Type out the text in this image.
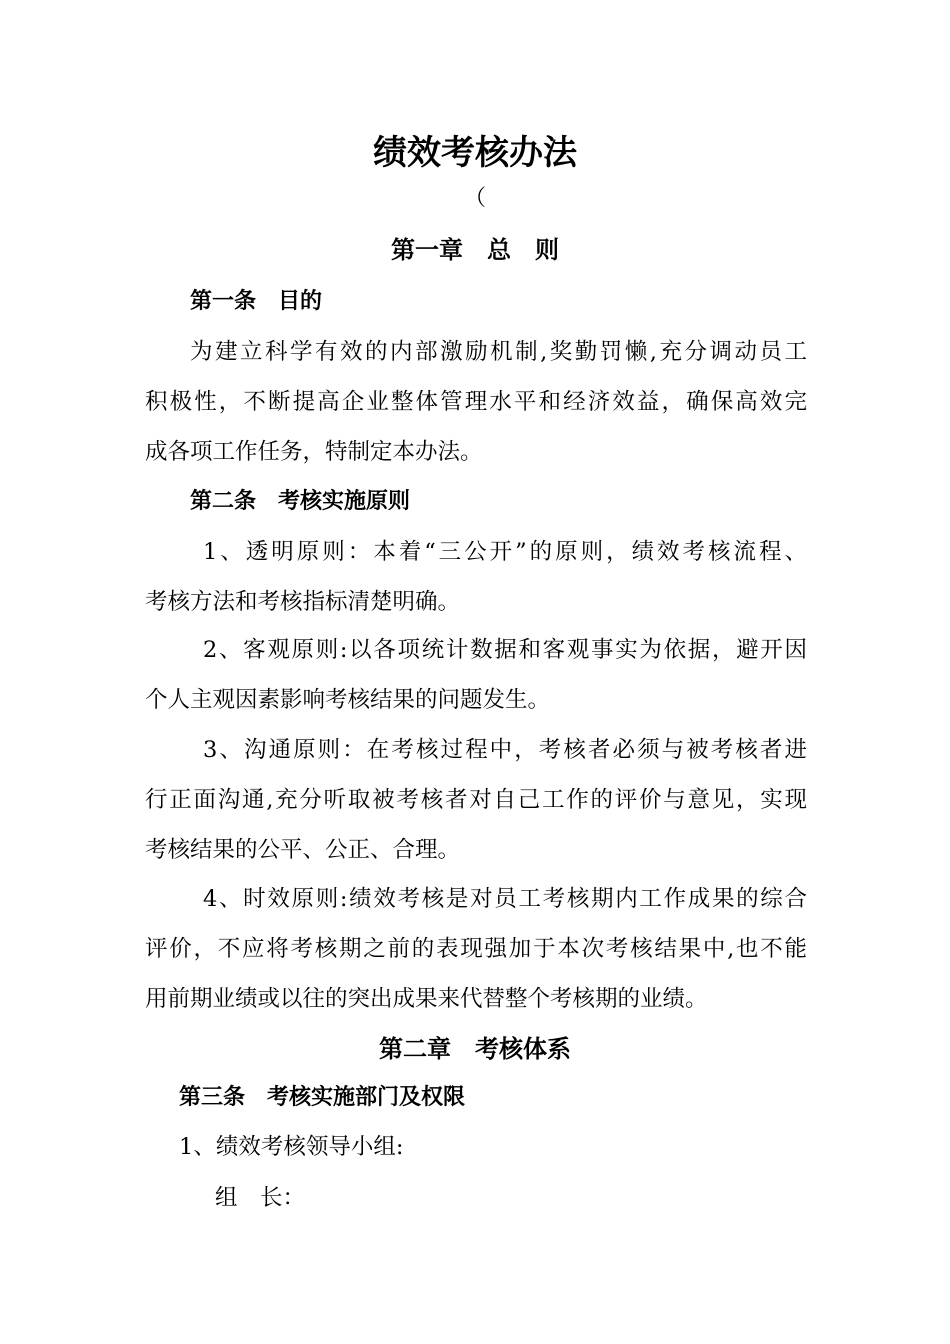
绩效考核办法
（
第一章　总　则
第一条　目的
为建立科学有效的内部激励机制,奖勤罚懒,充分调动员工
积极性，不断提高企业整体管理水平和经济效益，确保高效完
成各项工作任务，特制定本办法。
第二条　考核实施原则
1、透明原则：本着“三公开”的原则，绩效考核流程、
考核方法和考核指标清楚明确。
2、客观原则:以各项统计数据和客观事实为依据，避开因
个人主观因素影响考核结果的问题发生。
3、沟通原则：在考核过程中，考核者必须与被考核者进
行正面沟通,充分听取被考核者对自己工作的评价与意见，实现
考核结果的公平、公正、合理。
4、时效原则:绩效考核是对员工考核期内工作成果的综合
评价，不应将考核期之前的表现强加于本次考核结果中,也不能
用前期业绩或以往的突出成果来代替整个考核期的业绩。
第二章　考核体系
第三条　考核实施部门及权限
1、绩效考核领导小组:
组　长：
